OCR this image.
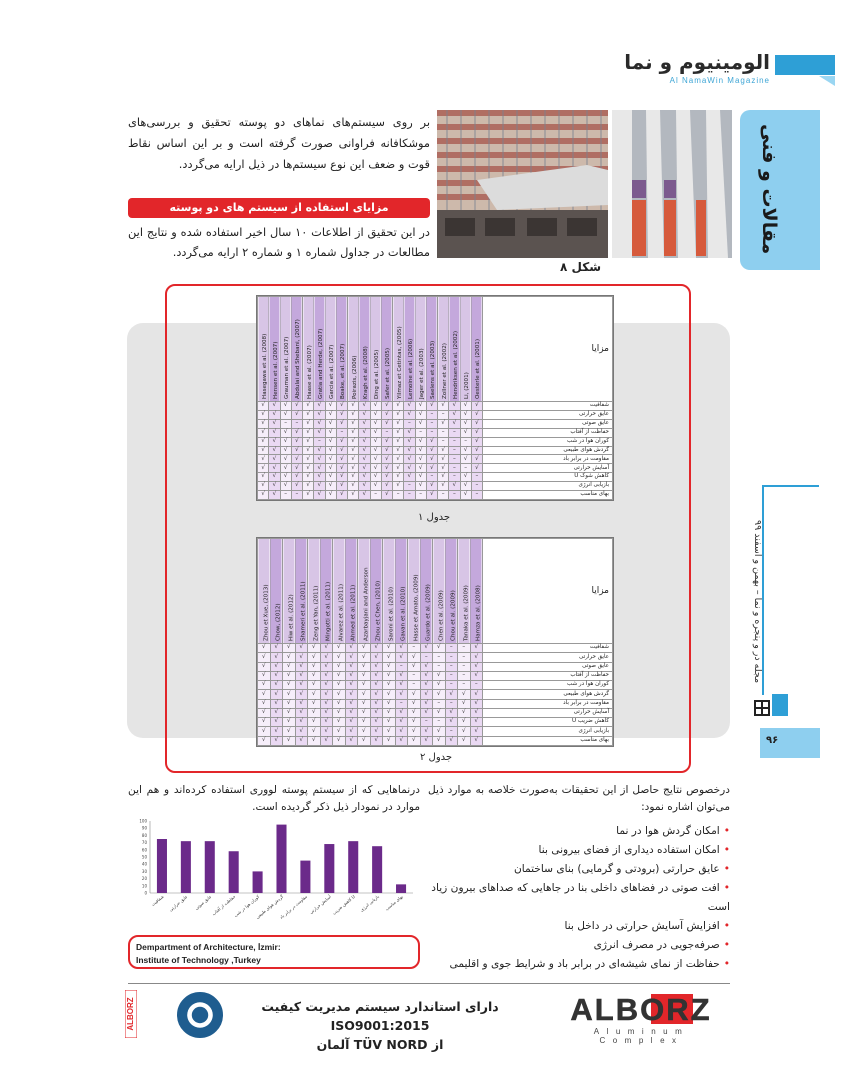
الومینیوم و نما
Al NamaWin Magazine
مقالات و فنی
شکل ۸

بر روی سیستم‌های نماهای دو پوسته تحقیق و بررسی‌های موشکافانه فراوانی صورت گرفته است و بر این اساس نقاط قوت و ضعف این نوع سیستم‌ها در ذیل ارایه می‌گردد.

مزایای استفاده از سیستم های دو پوسته

در این تحقیق از اطلاعات ۱۰ سال اخیر استفاده شده و نتایج این مطالعات در جداول شماره ۱ و شماره ۲ ارایه می‌گردد.

Hasegawa et al. (2008)	Hensen et al. (2007)	Grauman et al. (2007)	Abdulai and Shebani, (2007)	Haase et al. (2007)	Gratia and Herde, (2007)	Garcia et al. (2007)	Boake, et al. (2007)	Poirazis, (2006)	Kragh et al. (2008)	Ding et al. (2005)	Safer et al. (2005)	Yilmaz et Cetintas, (2005)	Lemoine et al. (2006)	Jager et al. (2003)	Saelens et al. (2003)	Zollner et al. (2002)	Hendriksen et al. (2002)	Li, (2001)	Oesterle et al. (2001)	مزایا
√	√	√	√	√	√	√	√	√	√	√	√	√	√	√	√	√	√	√	√	شفافیت
√	√	√	√	√	√	√	√	√	√	√	√	√	√	√	–	–	√	√	√	عایق حرارتی
√	√	–	–	√	√	√	√	√	√	√	√	√	–	√	–	√	√	√	√	عایق صوتی
√	√	√	√	√	√	√	–	√	√	√	–	√	√	–	–	–	–	√	√	حفاظت از آفتاب
√	√	√	√	√	–	√	√	√	√	√	√	√	√	√	√	–	–	–	√	کوران هوا در شب
√	√	√	√	√	√	√	√	√	√	√	√	√	√	√	√	√	–	√	√	گردش هوای طبیعی
√	√	√	√	√	√	√	√	√	√	√	√	√	√	√	√	√	–	√	√	مقاومت در برابر باد
√	√	√	√	√	√	√	√	√	√	√	√	√	√	√	√	√	–	–	√	آسایش حرارتی
√	√	√	√	√	√	√	√	√	√	√	√	√	√	√	–	√	–	√	–	کاهش شوک U
√	√	√	√	√	√	√	√	√	√	√	√	√	–	√	√	√	√	√	–	بازیابی انرژی
√	√	–	–	√	√	√	√	√	√	–	√	–	–	–	√	–	–	√	–	بهای مناسب
جدول ۱
Zhou et Xue, (2013)	Chow, (2012)	Hiw et al. (2012)	Shameri et al. (2011)	Zeng et Yan, (2011)	Mingotti et al. (2011)	Alvarez et al. (2011)	Ahmed et al. (2011)	Azarbayjani and Anderson	Zhou et Chen, (2010)	Saroni et al. (2010)	Gavan et al. (2010)	Hasse et Amato, (2009)	Guardo et al. (2009)	Chen et al. (2009)	Chou et al. (2009)	Tanaka et al. (2009)	Hamza et al. (2008)	مزایا
√	√	√	√	√	√	√	√	√	√	√	√	–	√	√	–	–	√	شفافیت
√	√	√	√	√	√	√	√	√	√	√	√	√	–	–	–	–	√	عایق حرارتی
√	√	√	√	√	√	√	√	√	√	√	–	√	√	–	–	–	√	عایق صوتی
√	√	√	√	√	√	√	√	√	√	√	√	–	√	√	–	–	√	حفاظت از آفتاب
√	√	√	√	√	√	√	√	√	√	√	√	–	√	√	–	–	–	کوران هوا در شب
√	√	√	√	√	√	√	√	√	√	√	√	√	√	√	√	√	√	گردش هوای طبیعی
√	√	√	√	√	√	√	√	√	√	√	–	√	√	–	–	√	√	مقاومت در برابر باد
√	√	√	√	√	√	√	√	√	√	√	√	√	√	√	√	√	√	آسایش حرارتی
√	√	√	√	√	√	√	√	√	√	√	√	√	–	–	√	√	√	کاهش ضریب U
√	√	√	√	√	√	√	√	√	√	√	√	√	√	√	–	√	√	بازیابی انرژی
√	√	√	√	√	√	√	√	√	√	√	√	√	√	√	√	√	√	بهای مناسب
جدول ۲

درخصوص نتایج حاصل از این تحقیقات به‌صورت خلاصه به موارد ذیل می‌توان اشاره نمود:

• امکان گردش هوا در نما
• امکان استفاده دیداری از فضای بیرونی بنا
• عایق حرارتی (برودتی و گرمایی) بنای ساختمان
• افت صوتی در فضاهای داخلی بنا در جاهایی که صداهای بیرون زیاد است
• افزایش آسایش حرارتی در داخل بنا
• صرفه‌جویی در مصرف انرژی
• حفاظت از نمای شیشه‌ای در برابر باد و شرایط جوی و اقلیمی

درنماهایی که از سیستم پوسته لووری استفاده کرده‌اند و هم این موارد در نمودار ذیل ذکر گردیده است.

0
10
20
30
40
50
60
70
80
90
100
شفافیت عایق حرارتی عایق صوتی
حفاظت از آفتاب
کوران هوا در شب
گردش هوای طبیعی
مقاومت در برابر باد آسایش حرارتی کاهش ضریب U بازیابی انرژی بهای مناسب
Dempartment of Architecture, İzmir:
Institute of Technology ,Turkey
مجله در و پنجره و نما – بهمن و اسفند ۹۹
۹۶
ALBORZ
Aluminum Complex
دارای استاندارد سیستم مدیریت کیفیت ISO9001:2015
از TÜV NORD آلمان
ALBORZ
